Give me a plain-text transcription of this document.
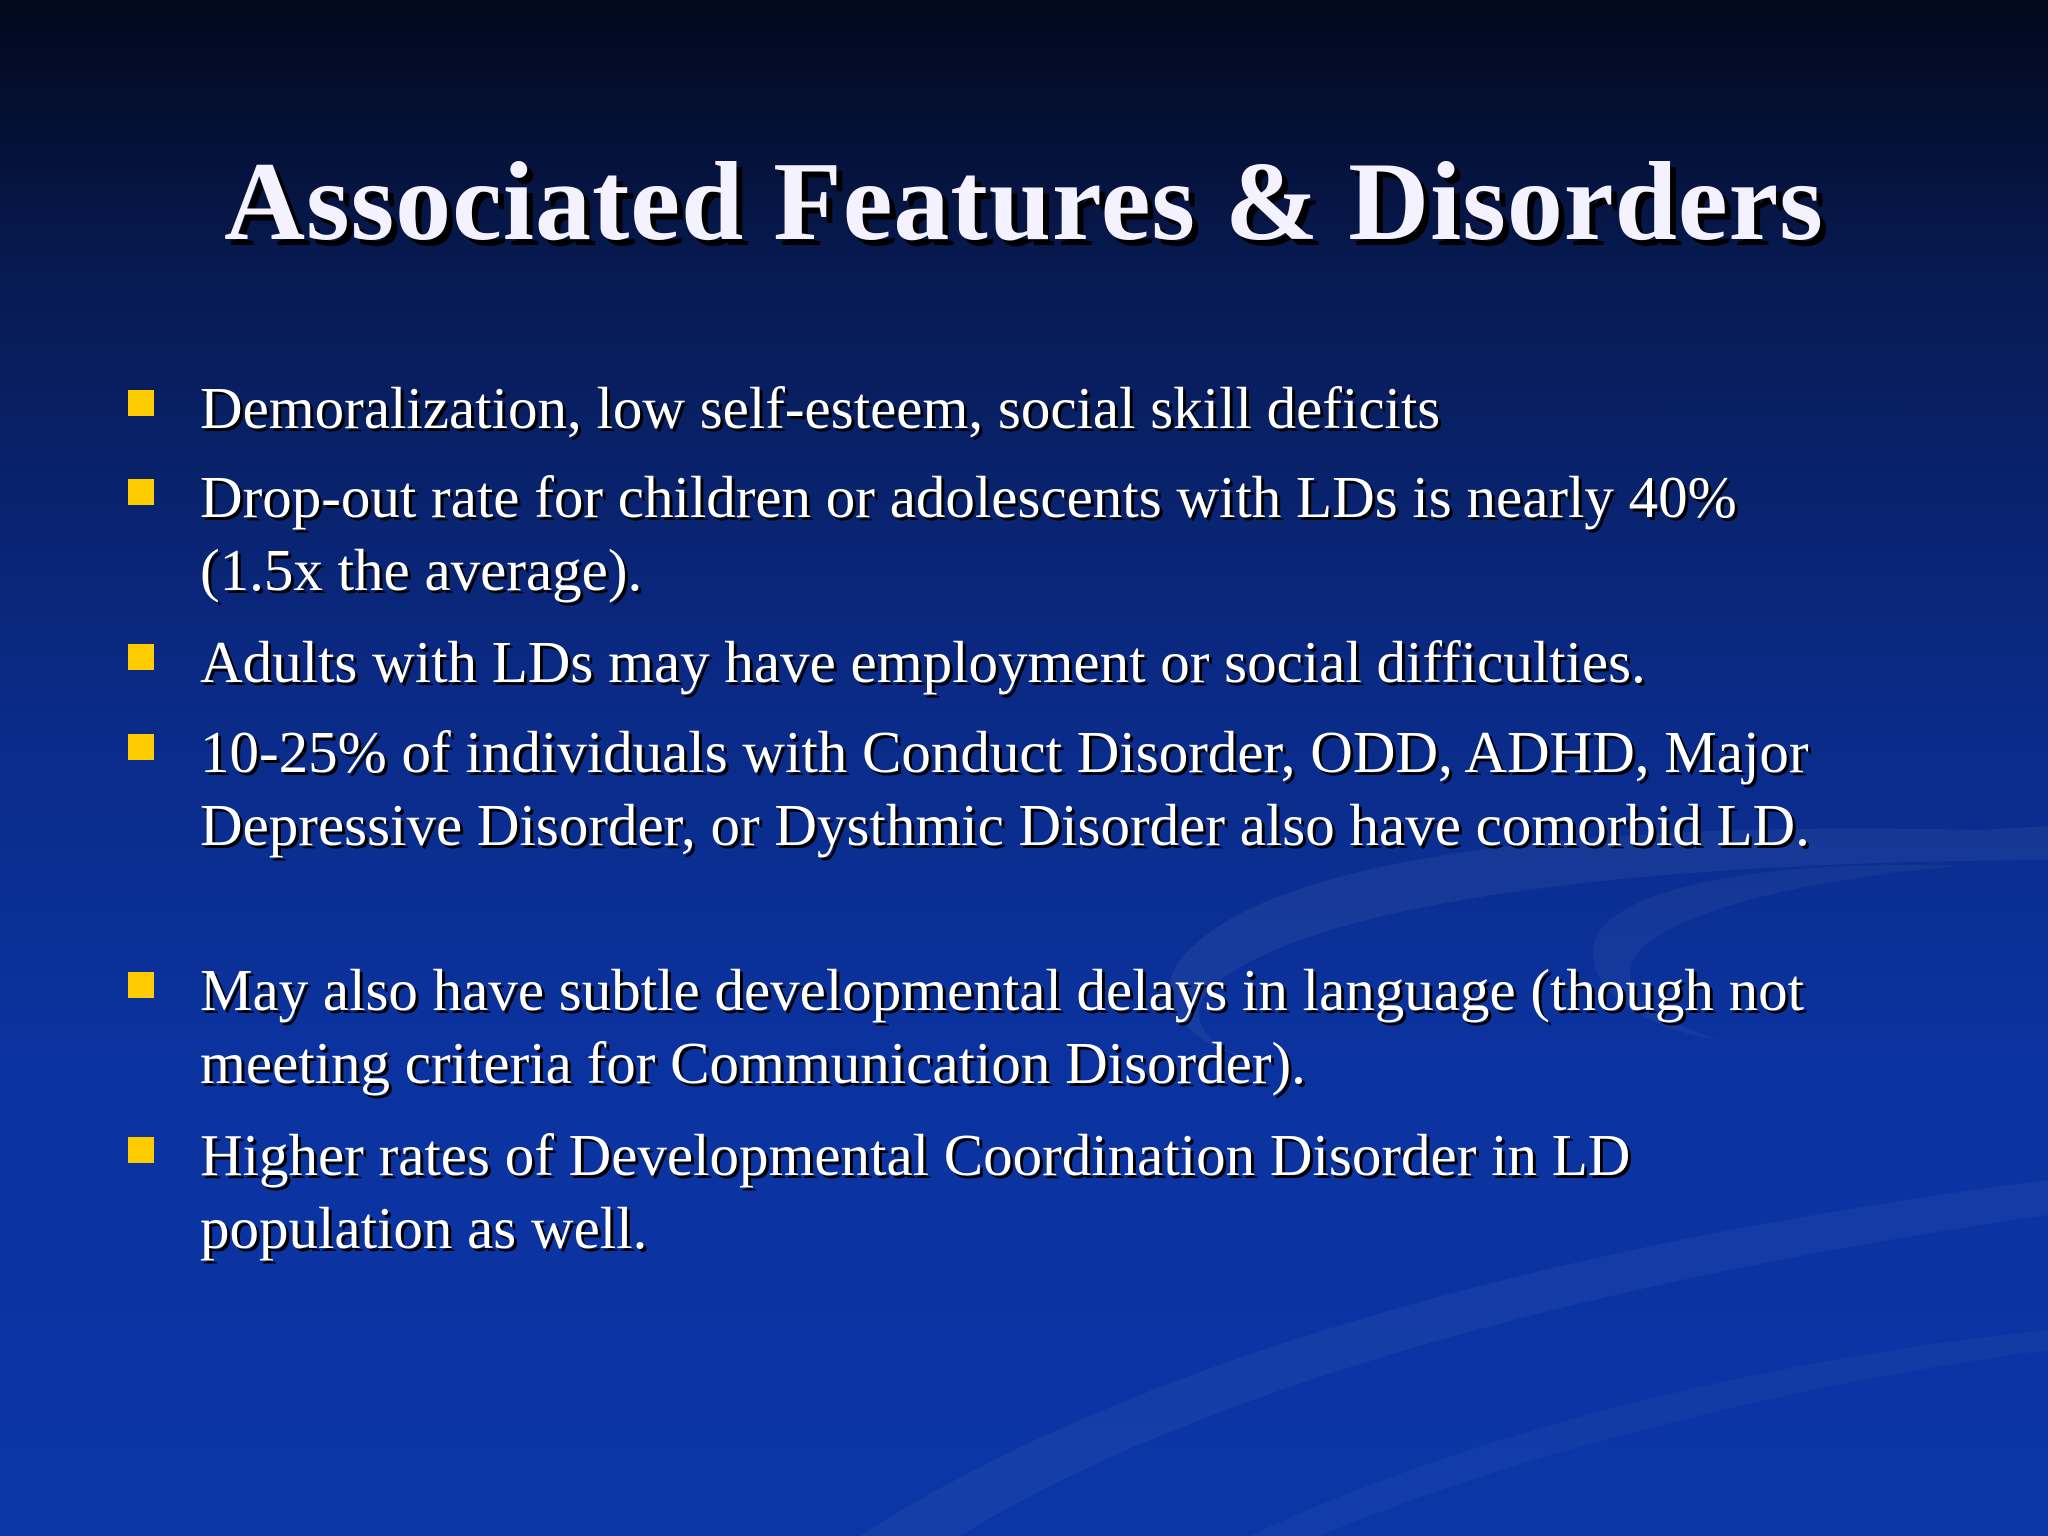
Associated Features & Disorders
Demoralization, low self-esteem, social skill deficits
Drop-out rate for children or adolescents with LDs is nearly 40% (1.5x the average).
Adults with LDs may have employment or social difficulties.
10-25% of individuals with Conduct Disorder, ODD, ADHD, Major Depressive Disorder, or Dysthmic Disorder also have comorbid LD.
May also have subtle developmental delays in language (though not meeting criteria for Communication Disorder).
Higher rates of Developmental Coordination Disorder in LD population as well.
